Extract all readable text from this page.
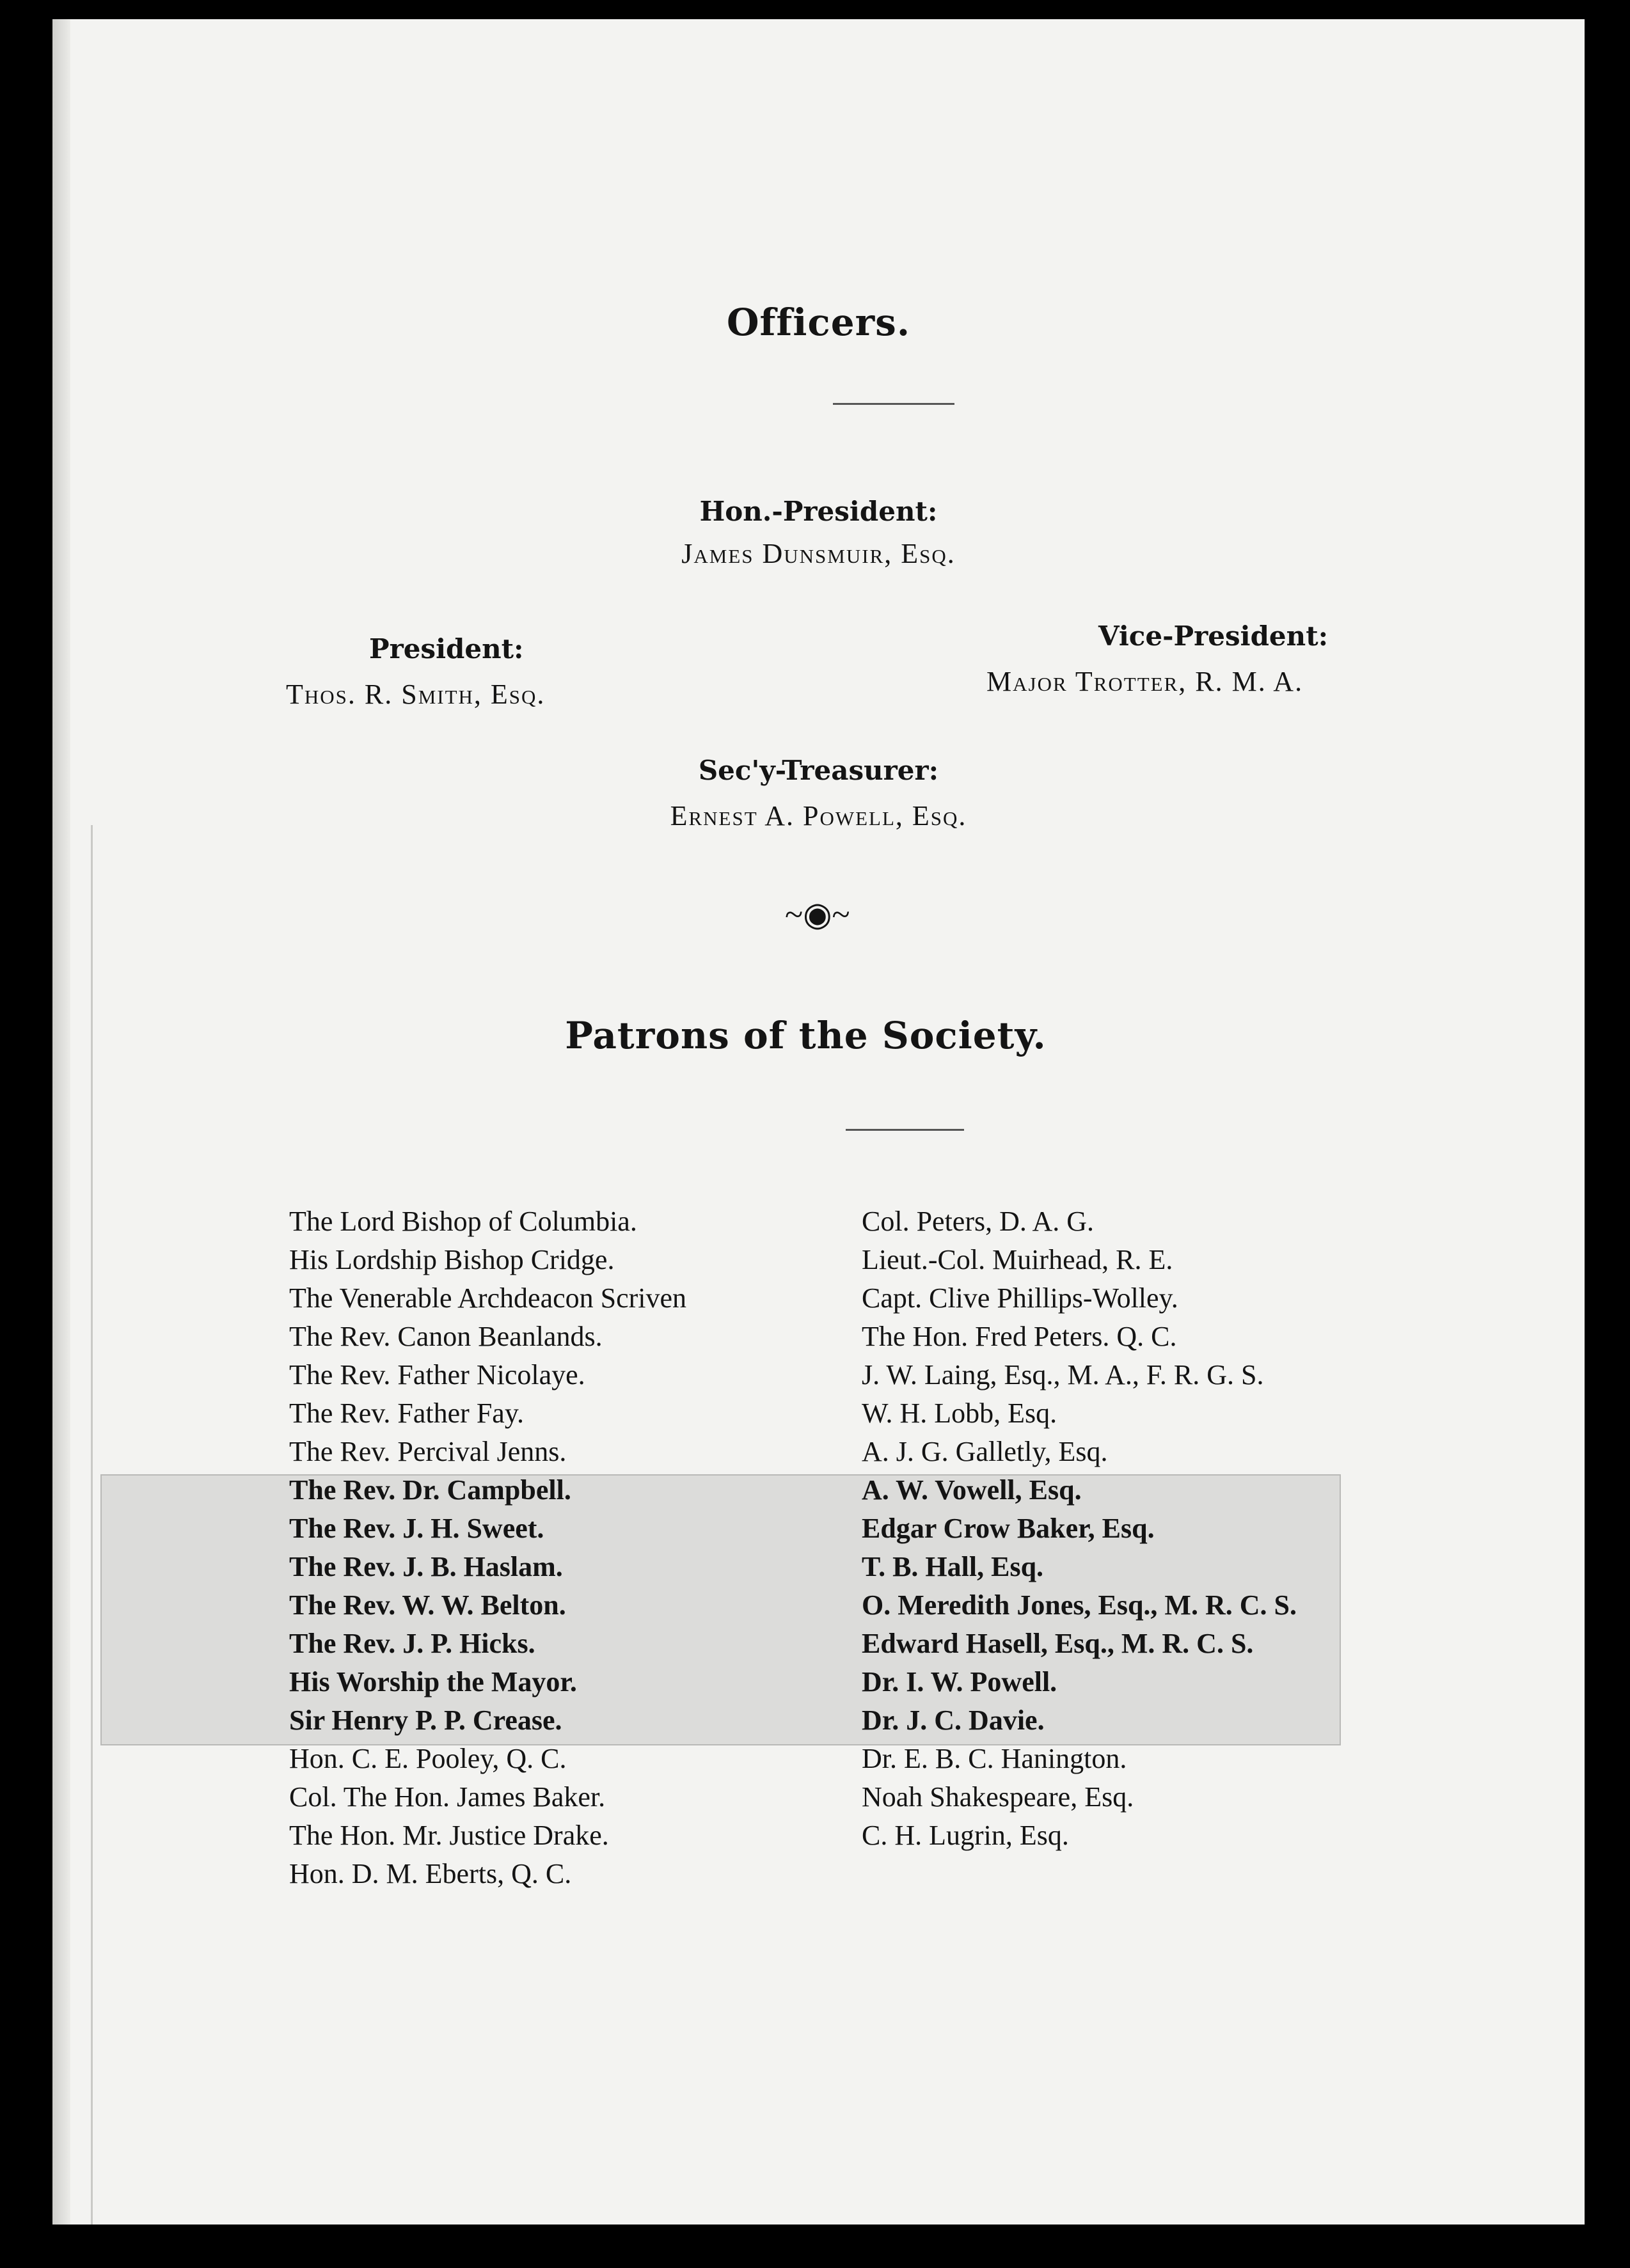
Officers.
Hon.-President:
James Dunsmuir, Esq.
President:
Thos. R. Smith, Esq.
Vice-President:
Major Trotter, R. M. A.
Sec'y-Treasurer:
Ernest A. Powell, Esq.
~◉~
Patrons of the Society.
The Lord Bishop of Columbia.
His Lordship Bishop Cridge.
The Venerable Archdeacon Scriven
The Rev. Canon Beanlands.
The Rev. Father Nicolaye.
The Rev. Father Fay.
The Rev. Percival Jenns.
The Rev. Dr. Campbell.
The Rev. J. H. Sweet.
The Rev. J. B. Haslam.
The Rev. W. W. Belton.
The Rev. J. P. Hicks.
His Worship the Mayor.
Sir Henry P. P. Crease.
Hon. C. E. Pooley, Q. C.
Col. The Hon. James Baker.
The Hon. Mr. Justice Drake.
Hon. D. M. Eberts, Q. C.
Col. Peters, D. A. G.
Lieut.-Col. Muirhead, R. E.
Capt. Clive Phillips-Wolley.
The Hon. Fred Peters. Q. C.
J. W. Laing, Esq., M. A., F. R. G. S.
W. H. Lobb, Esq.
A. J. G. Galletly, Esq.
A. W. Vowell, Esq.
Edgar Crow Baker, Esq.
T. B. Hall, Esq.
O. Meredith Jones, Esq., M. R. C. S.
Edward Hasell, Esq., M. R. C. S.
Dr. I. W. Powell.
Dr. J. C. Davie.
Dr. E. B. C. Hanington.
Noah Shakespeare, Esq.
C. H. Lugrin, Esq.
